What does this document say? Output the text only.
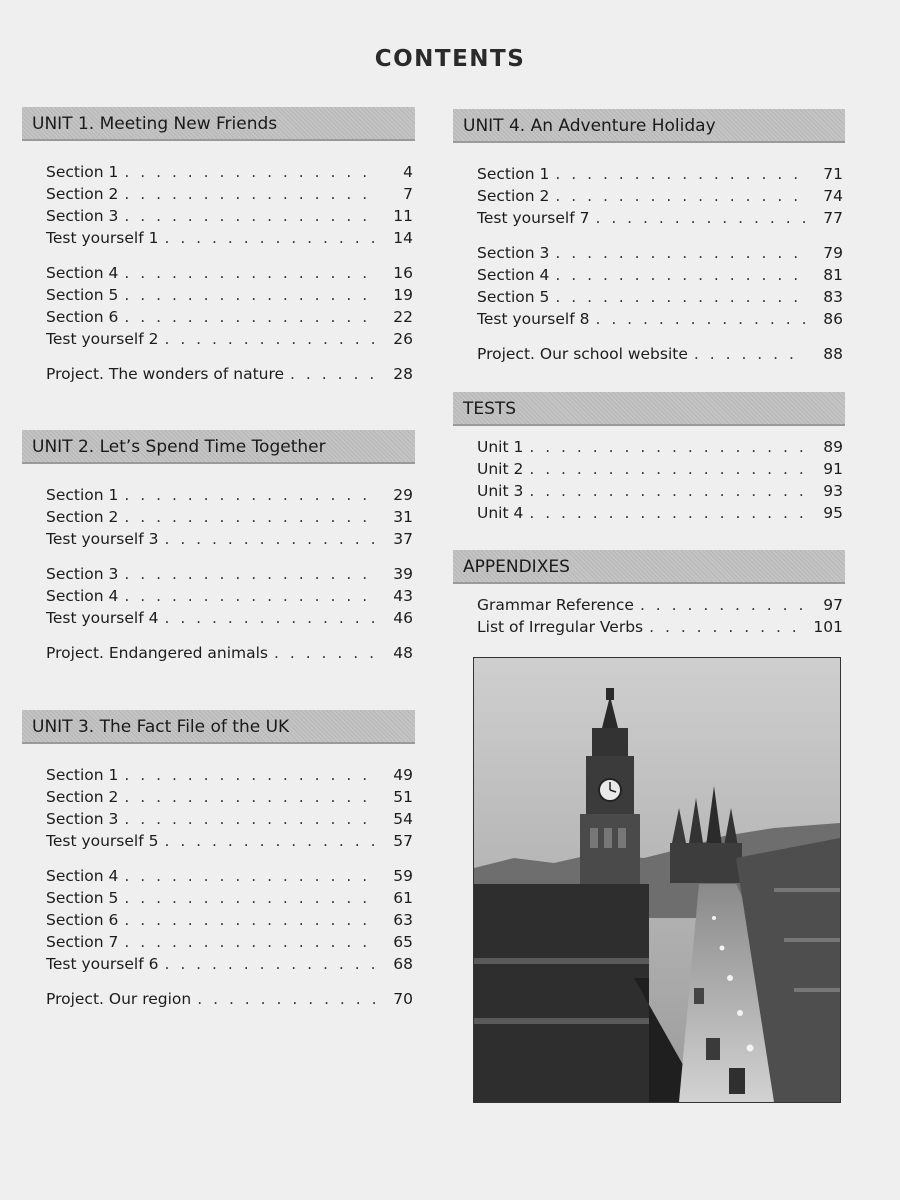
CONTENTS
UNIT 1. Meeting New Friends
Section 1 . . .	4
Section 2 . . .	7
Section 3 . . .	11
Test yourself 1 . . .	14
Section 4 . . .	16
Section 5 . . .	19
Section 6 . . .	22
Test yourself 2 . . .	26
Project. The wonders of nature . . .	28
UNIT 2. Let’s Spend Time Together
Section 1 . . .	29
Section 2 . . .	31
Test yourself 3 . . .	37
Section 3 . . .	39
Section 4 . . .	43
Test yourself 4 . . .	46
Project. Endangered animals . . .	48
UNIT 3. The Fact File of the UK
Section 1 . . .	49
Section 2 . . .	51
Section 3 . . .	54
Test yourself 5 . . .	57
Section 4 . . .	59
Section 5 . . .	61
Section 6 . . .	63
Section 7 . . .	65
Test yourself 6 . . .	68
Project. Our region . . .	70
UNIT 4. An Adventure Holiday
Section 1 . . .	71
Section 2 . . .	74
Test yourself 7 . . .	77
Section 3 . . .	79
Section 4 . . .	81
Section 5 . . .	83
Test yourself 8 . . .	86
Project. Our school website . . .	88
TESTS
Unit 1 . . .	89
Unit 2 . . .	91
Unit 3 . . .	93
Unit 4 . . .	95
APPENDIXES
Grammar Reference . . .	97
List of Irregular Verbs . . .	101
